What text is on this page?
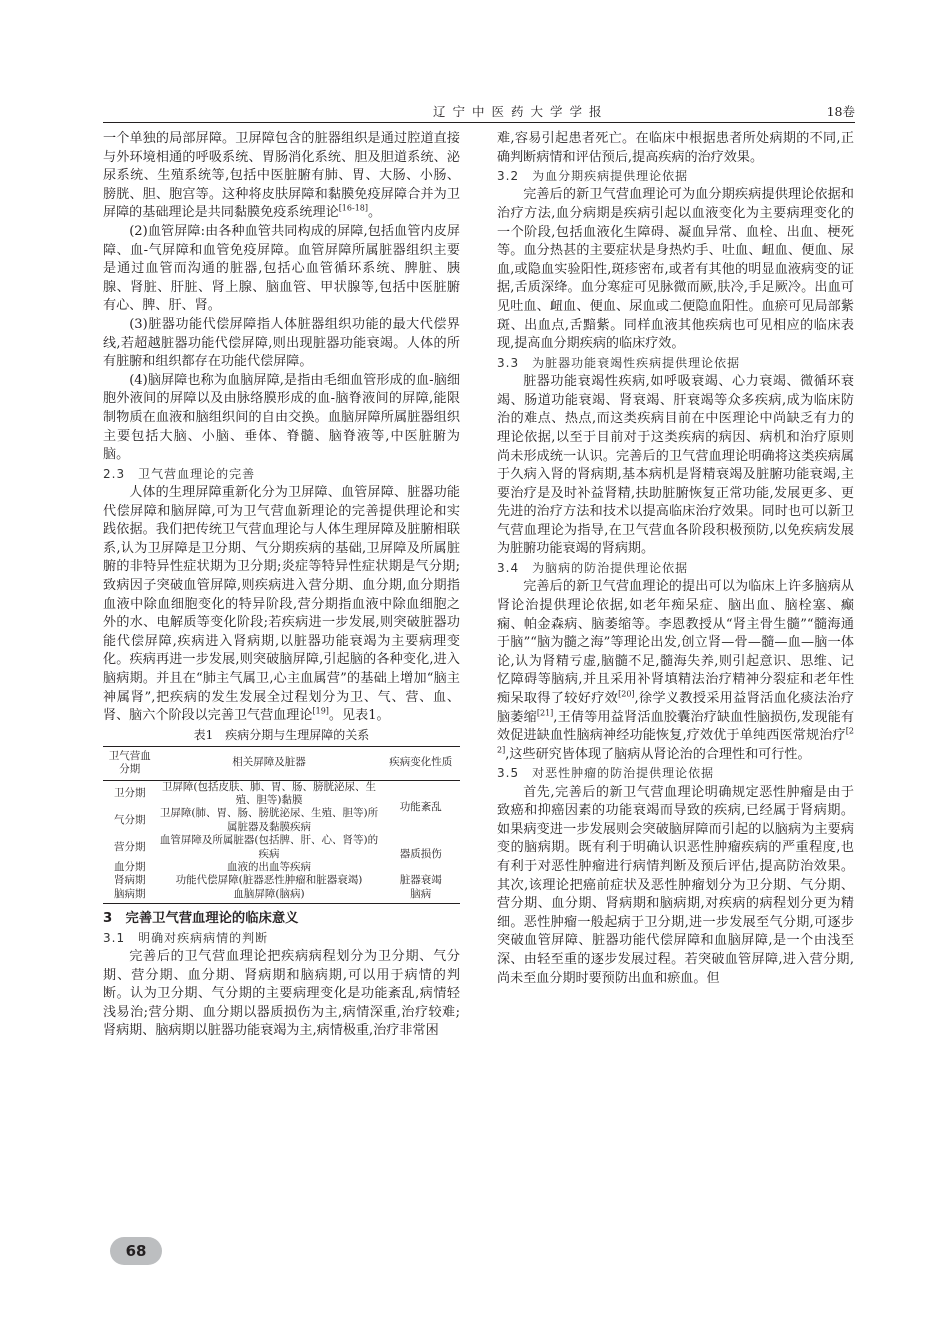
辽宁中医药大学学报	18卷

一个单独的局部屏障。卫屏障包含的脏器组织是通过腔道直接与外环境相通的呼吸系统、胃肠消化系统、胆及胆道系统、泌尿系统、生殖系统等,包括中医脏腑有肺、胃、大肠、小肠、膀胱、胆、胞宫等。这种将皮肤屏障和黏膜免疫屏障合并为卫屏障的基础理论是共同黏膜免疫系统理论[16-18]。

(2)血管屏障:由各种血管共同构成的屏障,包括血管内皮屏障、血-气屏障和血管免疫屏障。血管屏障所属脏器组织主要是通过血管而沟通的脏器,包括心血管循环系统、脾脏、胰腺、肾脏、肝脏、肾上腺、脑血管、甲状腺等,包括中医脏腑有心、脾、肝、肾。

(3)脏器功能代偿屏障指人体脏器组织功能的最大代偿界线,若超越脏器功能代偿屏障,则出现脏器功能衰竭。人体的所有脏腑和组织都存在功能代偿屏障。

(4)脑屏障也称为血脑屏障,是指由毛细血管形成的血-脑细胞外液间的屏障以及由脉络膜形成的血-脑脊液间的屏障,能限制物质在血液和脑组织间的自由交换。血脑屏障所属脏器组织主要包括大脑、小脑、垂体、脊髓、脑脊液等,中医脏腑为脑。

2.3　卫气营血理论的完善

人体的生理屏障重新化分为卫屏障、血管屏障、脏器功能代偿屏障和脑屏障,可为卫气营血新理论的完善提供理论和实践依据。我们把传统卫气营血理论与人体生理屏障及脏腑相联系,认为卫屏障是卫分期、气分期疾病的基础,卫屏障及所属脏腑的非特异性症状期为卫分期;炎症等特异性症状期是气分期;致病因子突破血管屏障,则疾病进入营分期、血分期,血分期指血液中除血细胞变化的特异阶段,营分期指血液中除血细胞之外的水、电解质等变化阶段;若疾病进一步发展,则突破脏器功能代偿屏障,疾病进入肾病期,以脏器功能衰竭为主要病理变化。疾病再进一步发展,则突破脑屏障,引起脑的各种变化,进入脑病期。并且在“肺主气属卫,心主血属营”的基础上增加“脑主神属肾”,把疾病的发生发展全过程划分为卫、气、营、血、肾、脑六个阶段以完善卫气营血理论[19]。见表1。

表1　疾病分期与生理屏障的关系

卫气营血分期	相关屏障及脏器	疾病变化性质
卫分期	卫屏障(包括皮肤、肺、胃、肠、膀胱泌尿、生殖、胆等)黏膜	功能紊乱
气分期	卫屏障(肺、胃、肠、膀胱泌尿、生殖、胆等)所属脏器及黏膜疾病	
营分期	血管屏障及所属脏器(包括脾、肝、心、肾等)的疾病	器质损伤
血分期	血液的出血等疾病	
肾病期	功能代偿屏障(脏器恶性肿瘤和脏器衰竭)	脏器衰竭
脑病期	血脑屏障(脑病)	脑病

3　完善卫气营血理论的临床意义

3.1　明确对疾病病情的判断

完善后的卫气营血理论把疾病病程划分为卫分期、气分期、营分期、血分期、肾病期和脑病期,可以用于病情的判断。认为卫分期、气分期的主要病理变化是功能紊乱,病情轻浅易治;营分期、血分期以器质损伤为主,病情深重,治疗较难;肾病期、脑病期以脏器功能衰竭为主,病情极重,治疗非常困

难,容易引起患者死亡。在临床中根据患者所处病期的不同,正确判断病情和评估预后,提高疾病的治疗效果。

3.2　为血分期疾病提供理论依据

完善后的新卫气营血理论可为血分期疾病提供理论依据和治疗方法,血分病期是疾病引起以血液变化为主要病理变化的一个阶段,包括血液化生障碍、凝血异常、血栓、出血、梗死等。血分热甚的主要症状是身热灼手、吐血、衄血、便血、尿血,或隐血实验阳性,斑疹密布,或者有其他的明显血液病变的证据,舌质深绛。血分寒症可见脉微而厥,肤冷,手足厥冷。出血可见吐血、衄血、便血、尿血或二便隐血阳性。血瘀可见局部紫斑、出血点,舌黯紫。同样血液其他疾病也可见相应的临床表现,提高血分期疾病的临床疗效。

3.3　为脏器功能衰竭性疾病提供理论依据

脏器功能衰竭性疾病,如呼吸衰竭、心力衰竭、微循环衰竭、肠道功能衰竭、肾衰竭、肝衰竭等众多疾病,成为临床防治的难点、热点,而这类疾病目前在中医理论中尚缺乏有力的理论依据,以至于目前对于这类疾病的病因、病机和治疗原则尚未形成统一认识。完善后的卫气营血理论明确将这类疾病属于久病入肾的肾病期,基本病机是肾精衰竭及脏腑功能衰竭,主要治疗是及时补益肾精,扶助脏腑恢复正常功能,发展更多、更先进的治疗方法和技术以提高临床治疗效果。同时也可以新卫气营血理论为指导,在卫气营血各阶段积极预防,以免疾病发展为脏腑功能衰竭的肾病期。

3.4　为脑病的防治提供理论依据

完善后的新卫气营血理论的提出可以为临床上许多脑病从肾论治提供理论依据,如老年痴呆症、脑出血、脑栓塞、癫痫、帕金森病、脑萎缩等。李恩教授从“肾主骨生髓”“髓海通于脑”“脑为髓之海”等理论出发,创立肾—骨—髓—血—脑一体论,认为肾精亏虚,脑髓不足,髓海失养,则引起意识、思维、记忆障碍等脑病,并且采用补肾填精法治疗精神分裂症和老年性痴呆取得了较好疗效[20],徐学义教授采用益肾活血化痰法治疗脑萎缩[21],王倩等用益肾活血胶囊治疗缺血性脑损伤,发现能有效促进缺血性脑病神经功能恢复,疗效优于单纯西医常规治疗[22],这些研究皆体现了脑病从肾论治的合理性和可行性。

3.5　对恶性肿瘤的防治提供理论依据

首先,完善后的新卫气营血理论明确规定恶性肿瘤是由于致癌和抑癌因素的功能衰竭而导致的疾病,已经属于肾病期。如果病变进一步发展则会突破脑屏障而引起的以脑病为主要病变的脑病期。既有利于明确认识恶性肿瘤疾病的严重程度,也有利于对恶性肿瘤进行病情判断及预后评估,提高防治效果。其次,该理论把癌前症状及恶性肿瘤划分为卫分期、气分期、营分期、血分期、肾病期和脑病期,对疾病的病程划分更为精细。恶性肿瘤一般起病于卫分期,进一步发展至气分期,可逐步突破血管屏障、脏器功能代偿屏障和血脑屏障,是一个由浅至深、由轻至重的逐步发展过程。若突破血管屏障,进入营分期,尚未至血分期时要预防出血和瘀血。但

68
